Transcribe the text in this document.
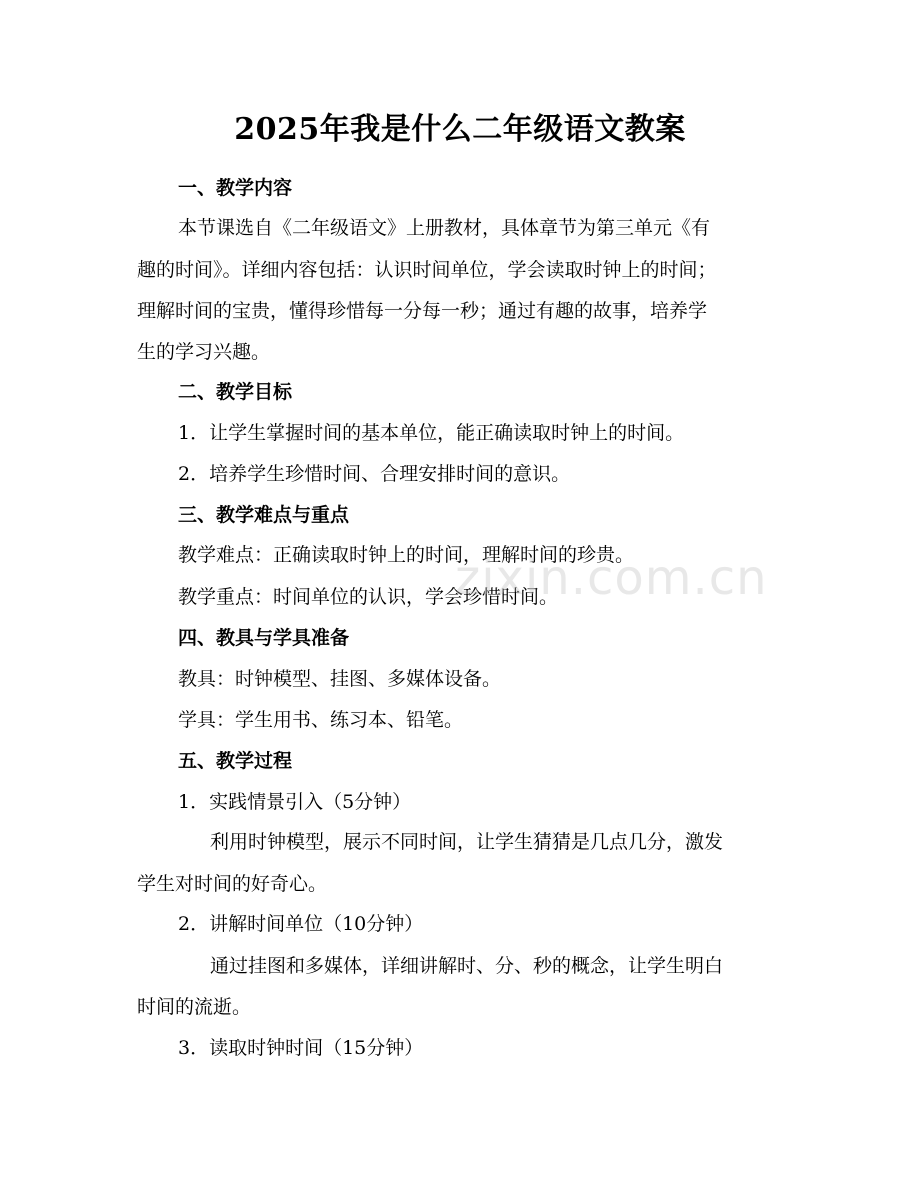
2025年我是什么二年级语文教案
一、教学内容
本节课选自《二年级语文》上册教材，具体章节为第三单元《有
趣的时间》。详细内容包括：认识时间单位，学会读取时钟上的时间；
理解时间的宝贵，懂得珍惜每一分每一秒；通过有趣的故事，培养学
生的学习兴趣。
二、教学目标
1．让学生掌握时间的基本单位，能正确读取时钟上的时间。
2．培养学生珍惜时间、合理安排时间的意识。
三、教学难点与重点
教学难点：正确读取时钟上的时间，理解时间的珍贵。
教学重点：时间单位的认识，学会珍惜时间。
四、教具与学具准备
教具：时钟模型、挂图、多媒体设备。
学具：学生用书、练习本、铅笔。
五、教学过程
1．实践情景引入（5分钟）
利用时钟模型，展示不同时间，让学生猜猜是几点几分，激发
学生对时间的好奇心。
2．讲解时间单位（10分钟）
通过挂图和多媒体，详细讲解时、分、秒的概念，让学生明白
时间的流逝。
3．读取时钟时间（15分钟）
zixin.com.cn
